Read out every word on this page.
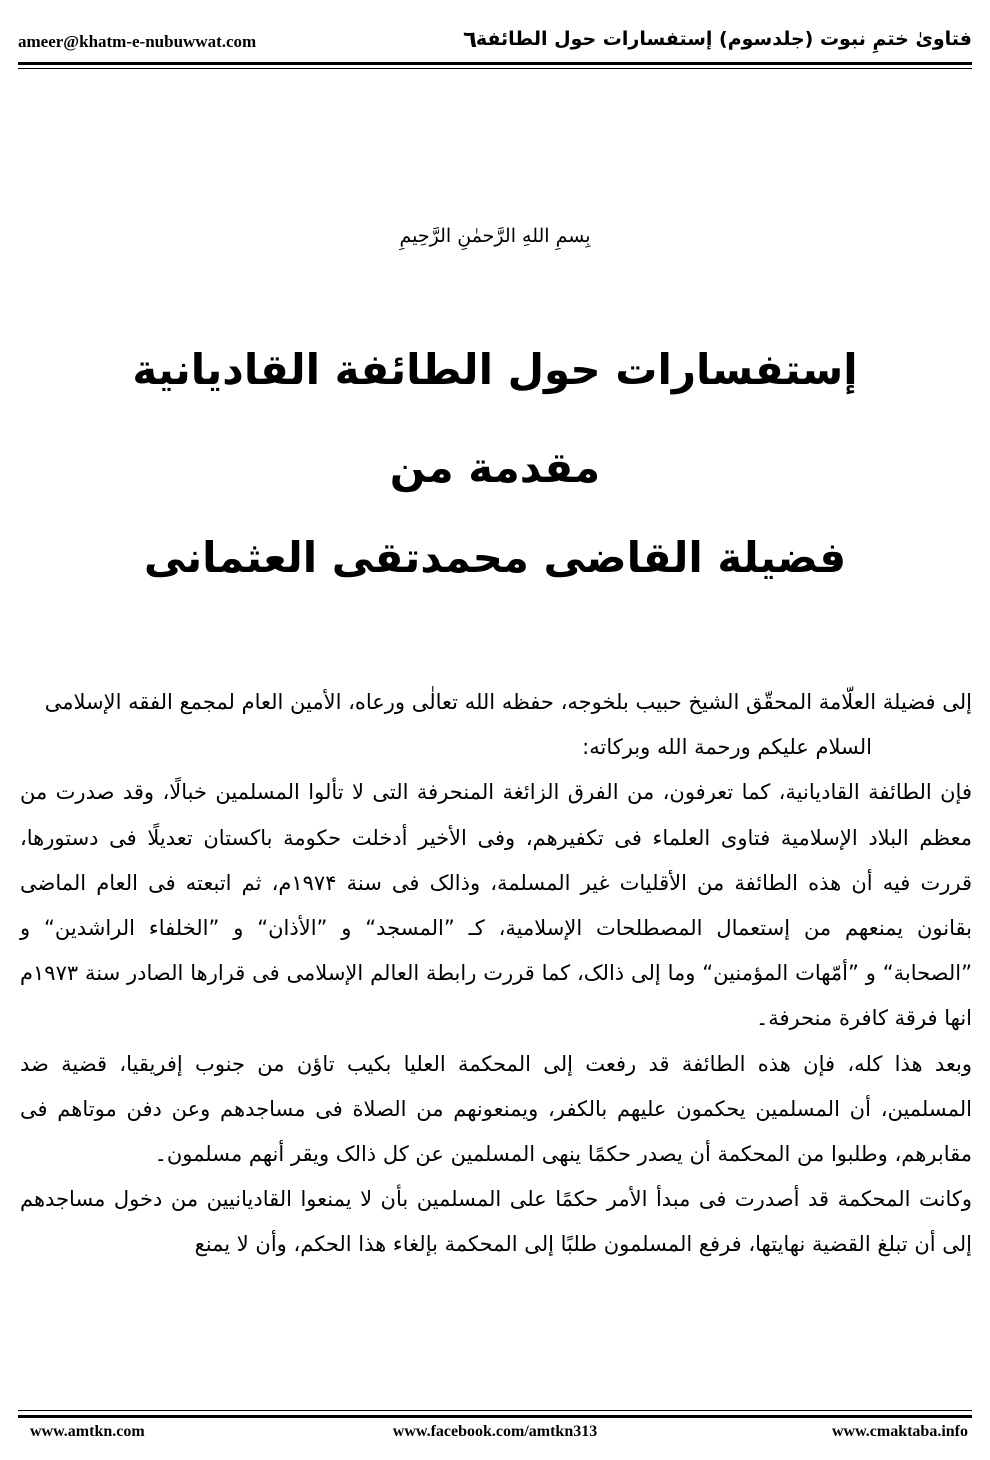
ameer@khatm-e-nubuwwat.com	٦
فتاویٰ ختمِ نبوت (جلدسوم) إستفسارات حول الطائفة
بِسمِ اللهِ الرَّحمٰنِ الرَّحِيمِ
إستفسارات حول الطائفة القاديانية
مقدمة من
فضيلة القاضی محمدتقی العثمانی

إلی فضيلة العلّامة المحقّق الشيخ حبيب بلخوجه، حفظه الله تعالٰی ورعاه، الأمين العام لمجمع الفقه الإسلامی

السلام عليكم ورحمة الله وبركاته:

فإن الطائفة القاديانية، كما تعرفون، من الفرق الزائغة المنحرفة التی لا تألوا المسلمين خبالًا، وقد صدرت من معظم البلاد الإسلامية فتاوی العلماء فی تكفيرهم، وفی الأخير أدخلت حكومة باكستان تعديلًا فی دستورها، قررت فيه أن هذه الطائفة من الأقليات غير المسلمة، وذالک فی سنة ۱۹۷۴م، ثم اتبعته فی العام الماضی بقانون يمنعهم من إستعمال المصطلحات الإسلامية، کـ ”المسجد“ و ”الأذان“ و ”الخلفاء الراشدين“ و ”الصحابة“ و ”أمّهات المؤمنين“ وما إلی ذالک، كما قررت رابطة العالم الإسلامی فی قرارها الصادر سنة ۱۹۷۳م انها فرقة كافرة منحرفة۔

وبعد هذا كله، فإن هذه الطائفة قد رفعت إلی المحكمة العليا بكيب تاؤن من جنوب إفريقيا، قضية ضد المسلمين، أن المسلمين يحكمون عليهم بالكفر، ويمنعونهم من الصلاة فی مساجدهم وعن دفن موتاهم فی مقابرهم، وطلبوا من المحكمة أن يصدر حكمًا ينهی المسلمين عن كل ذالک ويقر أنهم مسلمون۔

وكانت المحكمة قد أصدرت فی مبدأ الأمر حكمًا علی المسلمين بأن لا يمنعوا القاديانيين من دخول مساجدهم إلی أن تبلغ القضية نهايتها، فرفع المسلمون طلبًا إلی المحكمة بإلغاء هذا الحكم، وأن لا يمنع

www.amtkn.com	www.facebook.com/amtkn313	www.cmaktaba.info
